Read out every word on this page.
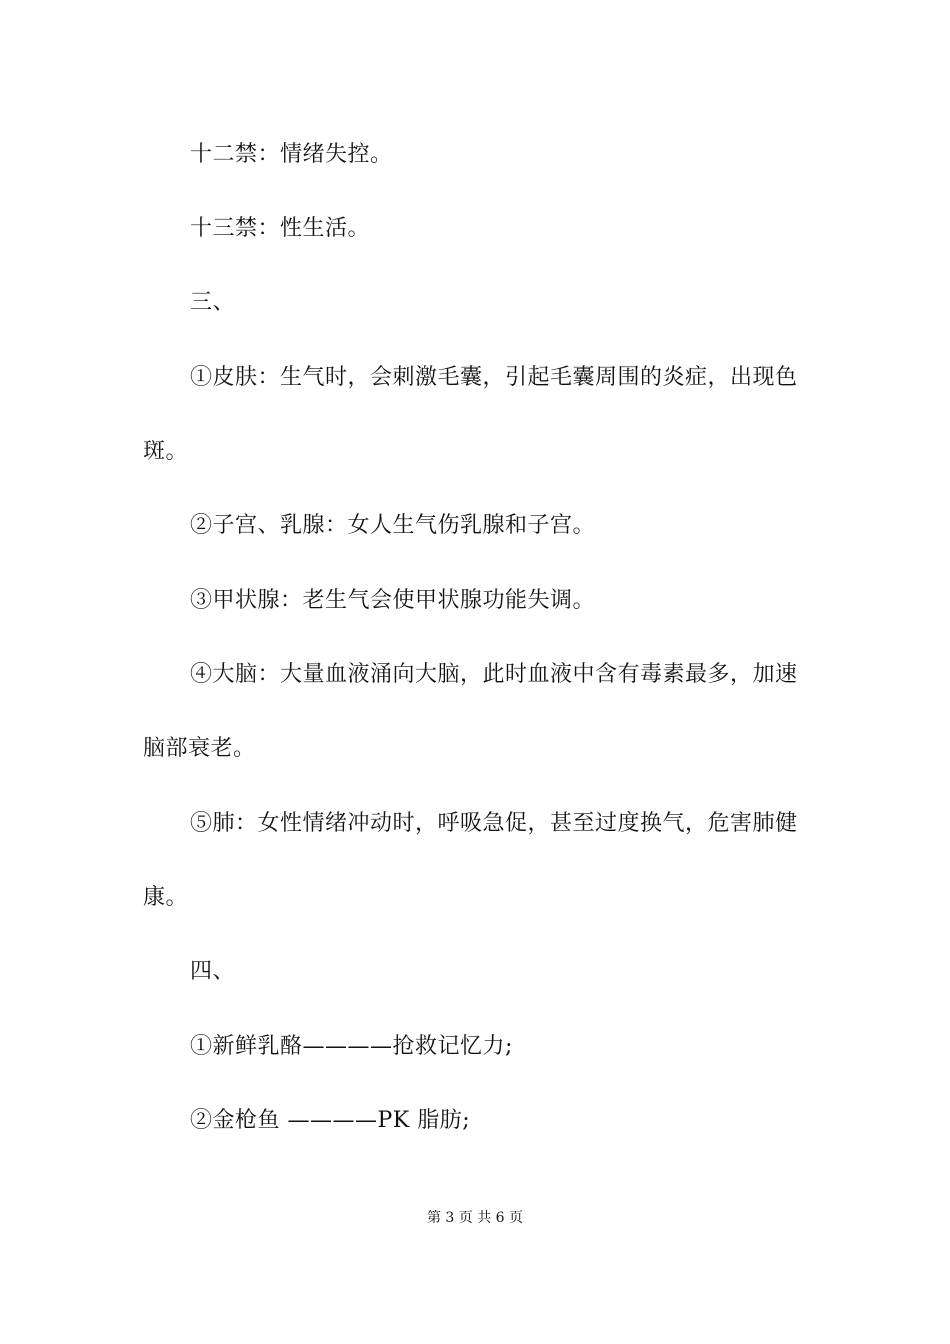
十二禁：情绪失控。
十三禁：性生活。
三、
①皮肤：生气时，会刺激毛囊，引起毛囊周围的炎症，出现色
斑。
②子宫、乳腺：女人生气伤乳腺和子宫。
③甲状腺：老生气会使甲状腺功能失调。
④大脑：大量血液涌向大脑，此时血液中含有毒素最多，加速
脑部衰老。
⑤肺：女性情绪冲动时，呼吸急促，甚至过度换气，危害肺健
康。
四、
①新鲜乳酪————抢救记忆力;
②金枪鱼 ————PK 脂肪;
第 3 页 共 6 页
